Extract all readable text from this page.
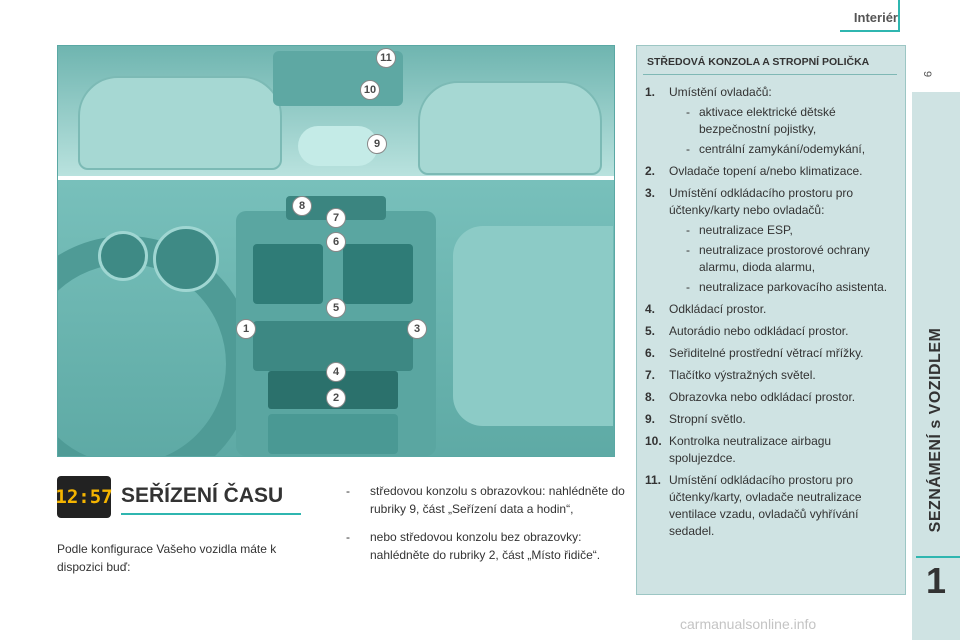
Interiér
9
SEZNÁMENÍ s VOZIDLEM
1
11
10
9
8
7
6
5
1	3
4
2
STŘEDOVÁ KONZOLA A STROPNÍ POLIČKA
1. Umístění ovladačů:
- aktivace elektrické dětské bezpečnostní pojistky,
- centrální zamykání/odemykání,
2. Ovladače topení a/nebo klimatizace.
3. Umístění odkládacího prostoru pro účtenky/karty nebo ovladačů:
- neutralizace ESP,
- neutralizace prostorové ochrany alarmu, dioda alarmu,
- neutralizace parkovacího asistenta.
4. Odkládací prostor.
5. Autorádio nebo odkládací prostor.
6. Seřiditelné prostřední větrací mřížky.
7. Tlačítko výstražných světel.
8. Obrazovka nebo odkládací prostor.
9. Stropní světlo.
10. Kontrolka neutralizace airbagu spolujezdce.
11. Umístění odkládacího prostoru pro účtenky/karty, ovladače neutralizace ventilace vzadu, ovladačů vyhřívání sedadel.
12:57 SEŘÍZENÍ ČASU
Podle konfigurace Vašeho vozidla máte k dispozici buď:
- středovou konzolu s obrazovkou: nahlédněte do rubriky 9, část „Seřízení data a hodin“,
- nebo středovou konzolu bez obrazovky: nahlédněte do rubriky 2, část „Místo řidiče“.
carmanualsonline.info
